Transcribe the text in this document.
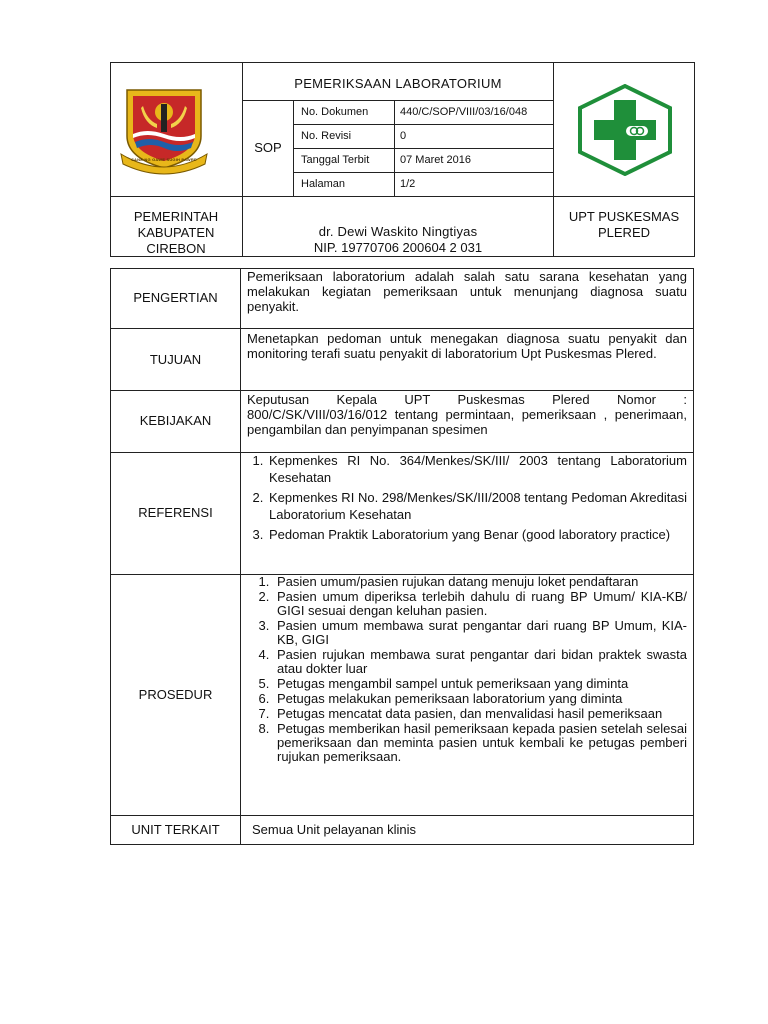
SANE NG GAWE SUGIH PAWRE
PEMERIKSAAN LABORATORIUM
SOP
No. Dokumen	440/C/SOP/VIII/03/16/048
No. Revisi	0
Tanggal Terbit	07 Maret 2016
Halaman	1/2
PEMERINTAH KABUPATEN CIREBON
dr. Dewi Waskito Ningtiyas
NIP. 19770706 200604 2 031
UPT PUSKESMAS PLERED
PENGERTIAN
Pemeriksaan laboratorium adalah salah satu sarana kesehatan yang melakukan kegiatan pemeriksaan untuk menunjang diagnosa suatu penyakit.
TUJUAN
Menetapkan pedoman untuk menegakan diagnosa suatu penyakit dan monitoring terafi suatu penyakit di laboratorium Upt Puskesmas Plered.
KEBIJAKAN
Keputusan Kepala UPT Puskesmas Plered Nomor : 800/C/SK/VIII/03/16/012 tentang permintaan, pemeriksaan , penerimaan, pengambilan dan penyimpanan spesimen
REFERENSI
1. Kepmenkes RI No. 364/Menkes/SK/III/ 2003 tentang Laboratorium Kesehatan
2. Kepmenkes RI No. 298/Menkes/SK/III/2008 tentang Pedoman Akreditasi Laboratorium Kesehatan
3. Pedoman Praktik Laboratorium yang Benar (good laboratory practice)
PROSEDUR
1. Pasien umum/pasien rujukan datang menuju loket pendaftaran
2. Pasien umum diperiksa terlebih dahulu di ruang BP Umum/ KIA-KB/ GIGI sesuai dengan keluhan pasien.
3. Pasien umum membawa surat pengantar dari ruang BP Umum, KIA-KB, GIGI
4. Pasien rujukan membawa surat pengantar dari bidan praktek swasta atau dokter luar
5. Petugas mengambil sampel untuk pemeriksaan yang diminta
6. Petugas melakukan pemeriksaan laboratorium yang diminta
7. Petugas mencatat data pasien, dan menvalidasi hasil pemeriksaan
8. Petugas memberikan hasil pemeriksaan kepada pasien setelah selesai pemeriksaan dan meminta pasien untuk kembali ke petugas pemberi rujukan pemeriksaan.
UNIT TERKAIT	Semua Unit pelayanan klinis
